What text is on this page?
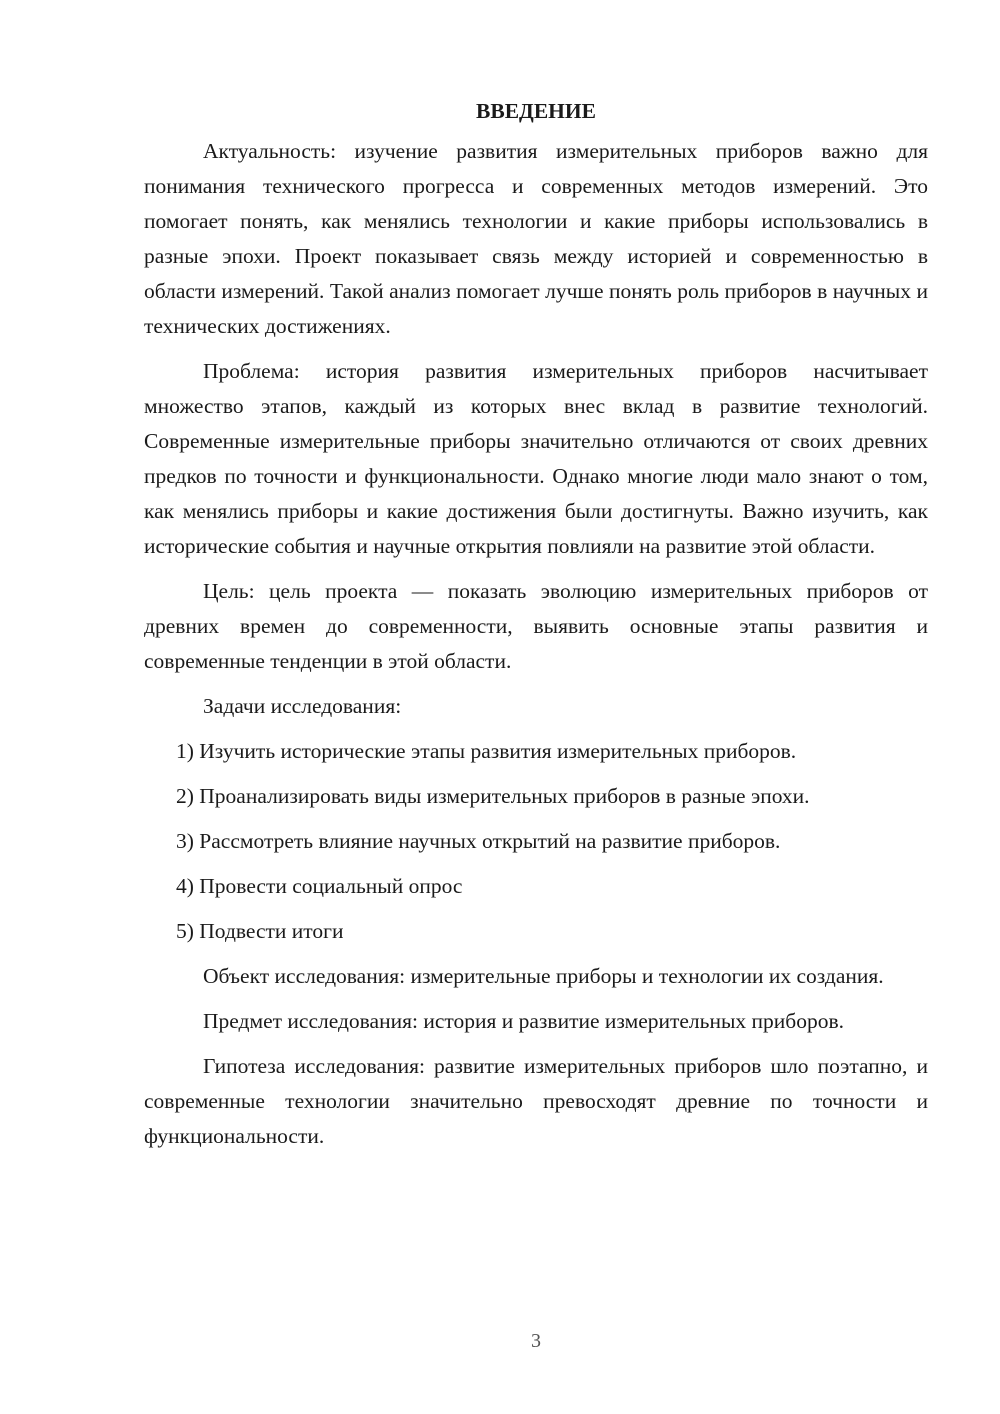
ВВЕДЕНИЕ

Актуальность: изучение развития измерительных приборов важно для понимания технического прогресса и современных методов измерений. Это помогает понять, как менялись технологии и какие приборы использовались в разные эпохи. Проект показывает связь между историей и современностью в области измерений. Такой анализ помогает лучше понять роль приборов в научных и технических достижениях.

Проблема: история развития измерительных приборов насчитывает множество этапов, каждый из которых внес вклад в развитие технологий. Современные измерительные приборы значительно отличаются от своих древних предков по точности и функциональности. Однако многие люди мало знают о том, как менялись приборы и какие достижения были достигнуты. Важно изучить, как исторические события и научные открытия повлияли на развитие этой области.

Цель: цель проекта — показать эволюцию измерительных приборов от древних времен до современности, выявить основные этапы развития и современные тенденции в этой области.

Задачи исследования:

1) Изучить исторические этапы развития измерительных приборов.
2) Проанализировать виды измерительных приборов в разные эпохи.
3) Рассмотреть влияние научных открытий на развитие приборов.
4) Провести социальный опрос
5) Подвести итоги

Объект исследования: измерительные приборы и технологии их создания.

Предмет исследования: история и развитие измерительных приборов.

Гипотеза исследования: развитие измерительных приборов шло поэтапно, и современные технологии значительно превосходят древние по точности и функциональности.

3
